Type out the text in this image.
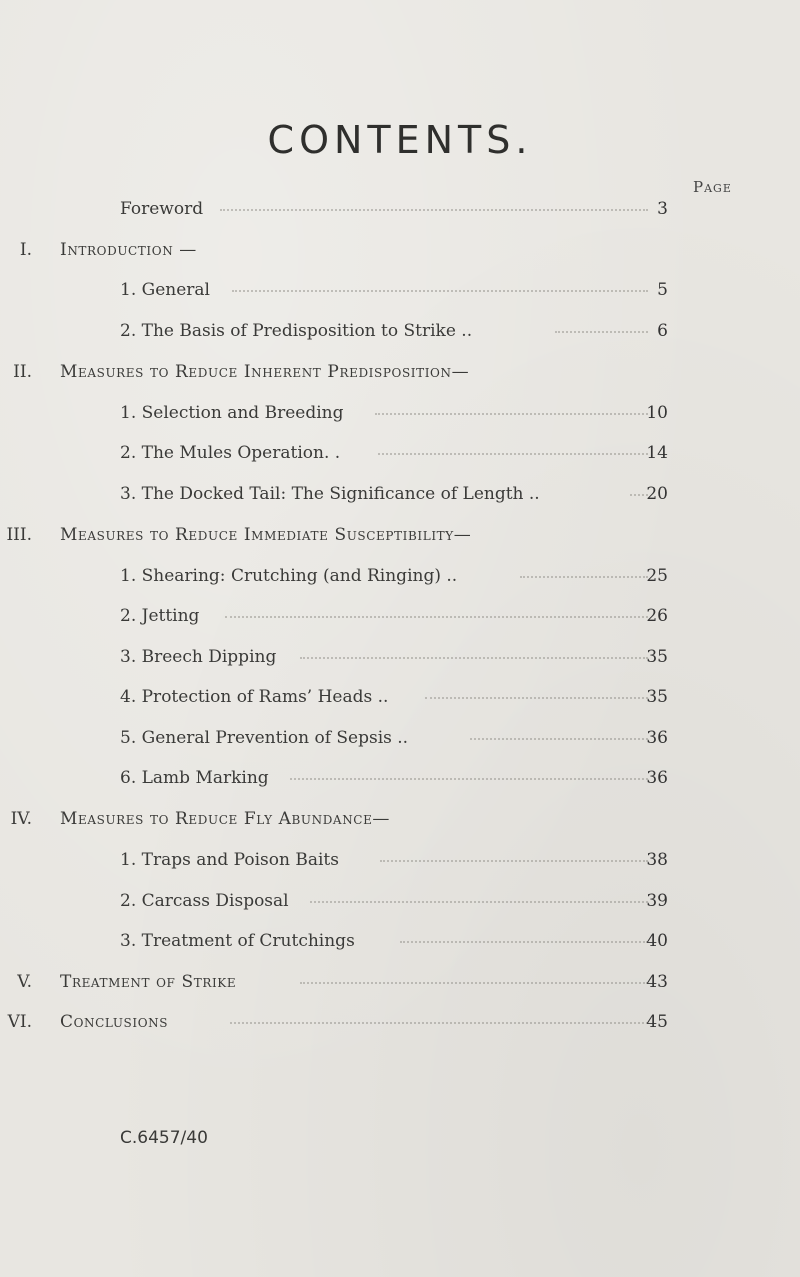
CONTENTS.
Page
Foreword	3
I. Introduction —
1. General	5
2. The Basis of Predisposition to Strike ..	6
II. Measures to Reduce Inherent Predisposition—
1. Selection and Breeding	10
2. The Mules Operation. .	14
3. The Docked Tail: The Significance of Length ..	20
III. Measures to Reduce Immediate Susceptibility—
1. Shearing: Crutching (and Ringing) ..	25
2. Jetting	26
3. Breech Dipping	35
4. Protection of Rams’ Heads ..	35
5. General Prevention of Sepsis ..	36
6. Lamb Marking	36
IV. Measures to Reduce Fly Abundance—
1. Traps and Poison Baits	38
2. Carcass Disposal	39
3. Treatment of Crutchings	40
V. Treatment of Strike	43
VI. Conclusions	45
C.6457/40
